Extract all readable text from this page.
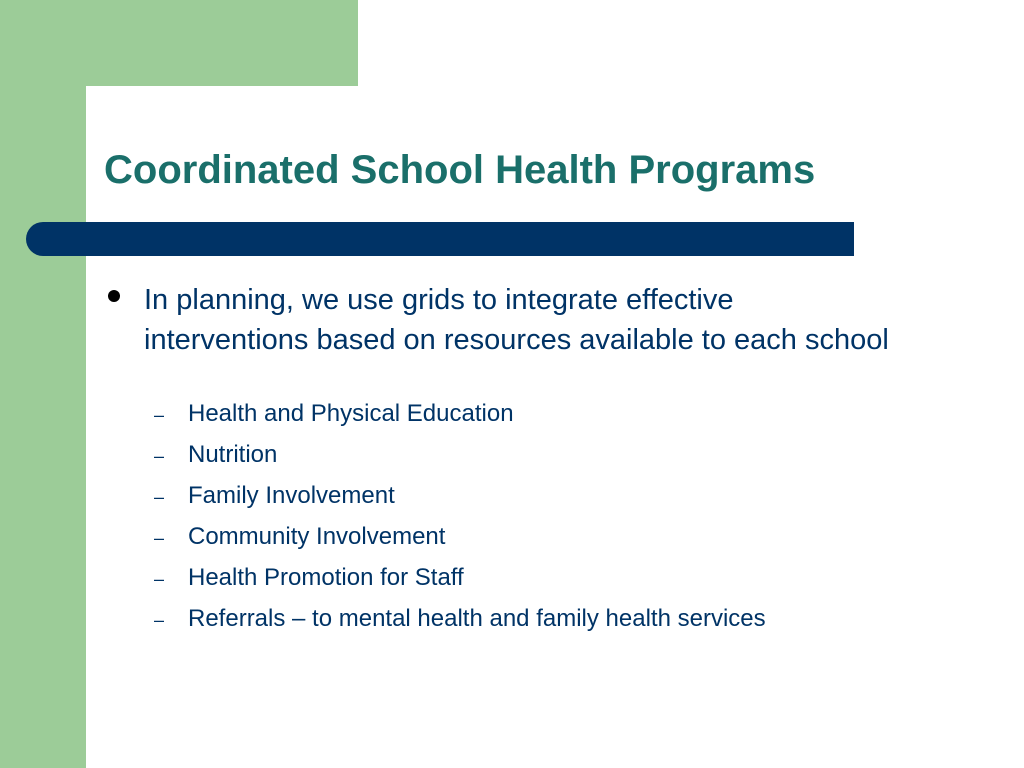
Coordinated School Health Programs
In planning, we use grids to integrate effective interventions based on resources available to each school
– Health and Physical Education
– Nutrition
– Family Involvement
– Community Involvement
– Health Promotion for Staff
– Referrals – to mental health and family health services
